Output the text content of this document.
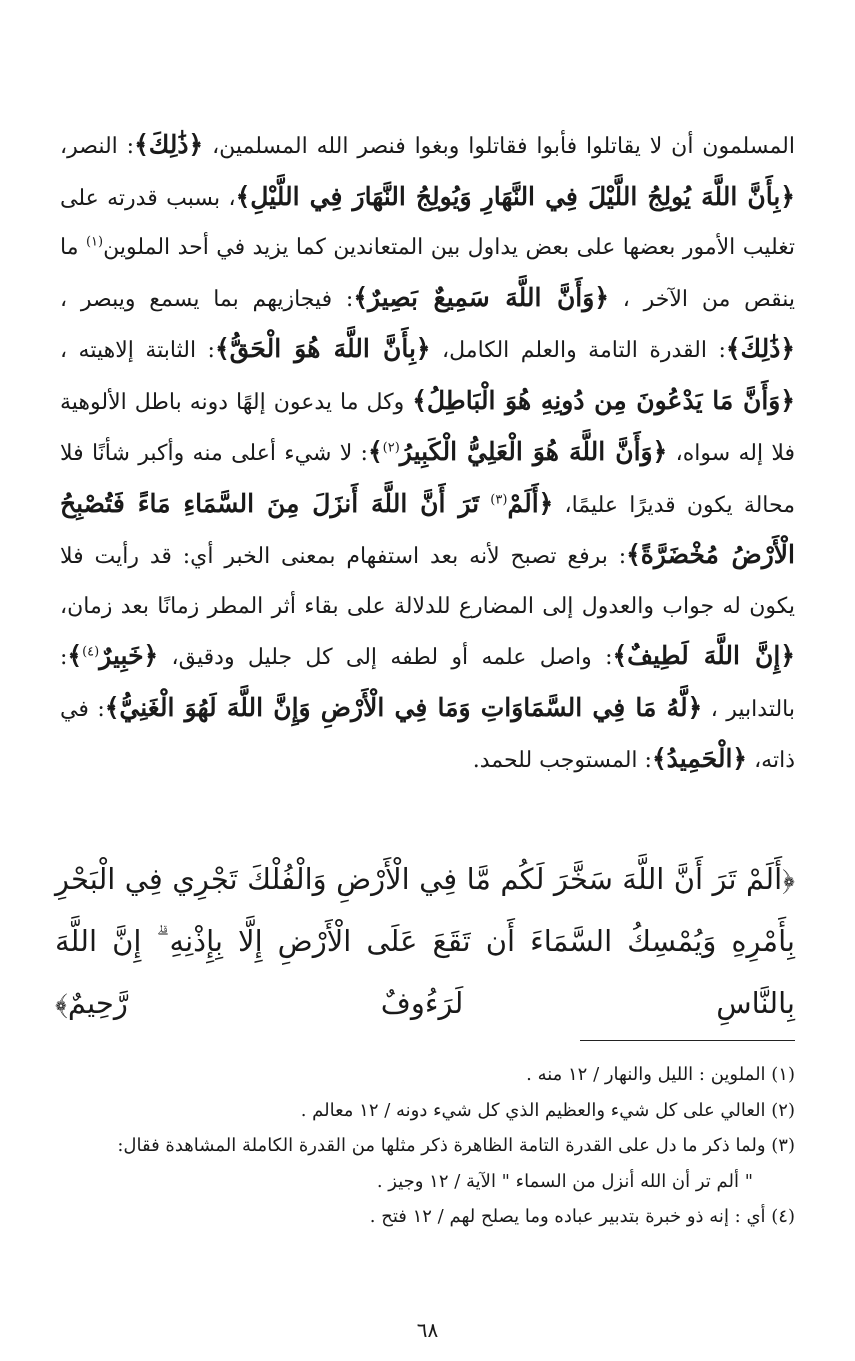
المسلمون أن لا يقاتلوا فأبوا فقاتلوا وبغوا فنصر الله المسلمين، ﴿ذَٰلِكَ﴾: النصر، ﴿بِأَنَّ اللَّهَ يُولِجُ اللَّيْلَ فِي النَّهَارِ وَيُولِجُ النَّهَارَ فِي اللَّيْلِ﴾، بسبب قدرته على تغليب الأمور بعضها على بعض يداول بين المتعاندين كما يزيد في أحد الملوين$^{(١)}$ ما ينقص من الآخر ، ﴿وَأَنَّ اللَّهَ سَمِيعٌ بَصِيرٌ﴾: فيجازيهم بما يسمع ويبصر ، ﴿ذَٰلِكَ﴾: القدرة التامة والعلم الكامل، ﴿بِأَنَّ اللَّهَ هُوَ الْحَقُّ﴾: الثابتة إلاهيته ، ﴿وَأَنَّ مَا يَدْعُونَ مِن دُونِهِ هُوَ الْبَاطِلُ﴾ وكل ما يدعون إلهًا دونه باطل الألوهية فلا إله سواه، ﴿وَأَنَّ اللَّهَ هُوَ الْعَلِيُّ الْكَبِيرُ$^{(٢)}$﴾: لا شيء أعلى منه وأكبر شأنًا فلا محالة يكون قديرًا عليمًا، ﴿أَلَمْ$^{(٣)}$ تَرَ أَنَّ اللَّهَ أَنزَلَ مِنَ السَّمَاءِ مَاءً فَتُصْبِحُ الْأَرْضُ مُخْضَرَّةً﴾: برفع تصبح لأنه بعد استفهام بمعنى الخبر أي: قد رأيت فلا يكون له جواب والعدول إلى المضارع للدلالة على بقاء أثر المطر زمانًا بعد زمان، ﴿إِنَّ اللَّهَ لَطِيفٌ﴾: واصل علمه أو لطفه إلى كل جليل ودقيق، ﴿خَبِيرٌ$^{(٤)}$﴾: بالتدابير ، ﴿لَّهُ مَا فِي السَّمَاوَاتِ وَمَا فِي الْأَرْضِ وَإِنَّ اللَّهَ لَهُوَ الْغَنِيُّ﴾: في ذاته، ﴿الْحَمِيدُ﴾: المستوجب للحمد.

﴿أَلَمْ تَرَ أَنَّ اللَّهَ سَخَّرَ لَكُم مَّا فِي الْأَرْضِ وَالْفُلْكَ تَجْرِي فِي الْبَحْرِ بِأَمْرِهِ وَيُمْسِكُ السَّمَاءَ أَن تَقَعَ عَلَى الْأَرْضِ إِلَّا بِإِذْنِهِ ۗ إِنَّ اللَّهَ بِالنَّاسِ لَرَءُوفٌ رَّحِيمٌ﴾

(١) الملوين : الليل والنهار / ١٢ منه .
(٢) العالي على كل شيء والعظيم الذي كل شيء دونه / ١٢ معالم .
(٣) ولما ذكر ما دل على القدرة التامة الظاهرة ذكر مثلها من القدرة الكاملة المشاهدة فقال:
" ألم تر أن الله أنزل من السماء " الآية / ١٢ وجيز .
(٤) أي : إنه ذو خبرة بتدبير عباده وما يصلح لهم / ١٢ فتح .
٦٨
